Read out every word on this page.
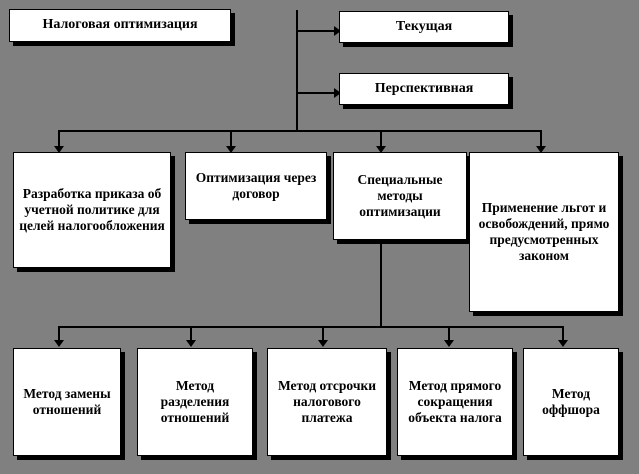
Налоговая оптимизация	Текущая
Перспективная
Разработка приказа об учетной политике для целей налогообложения
Оптимизация через договор
Специальные методы оптимизации	Применение льгот и освобождений, прямо предусмотренных законом
Метод замены отношений
Метод разделения отношений
Метод отсрочки налогового платежа
Метод прямого сокращения объекта налога
Метод оффшора
